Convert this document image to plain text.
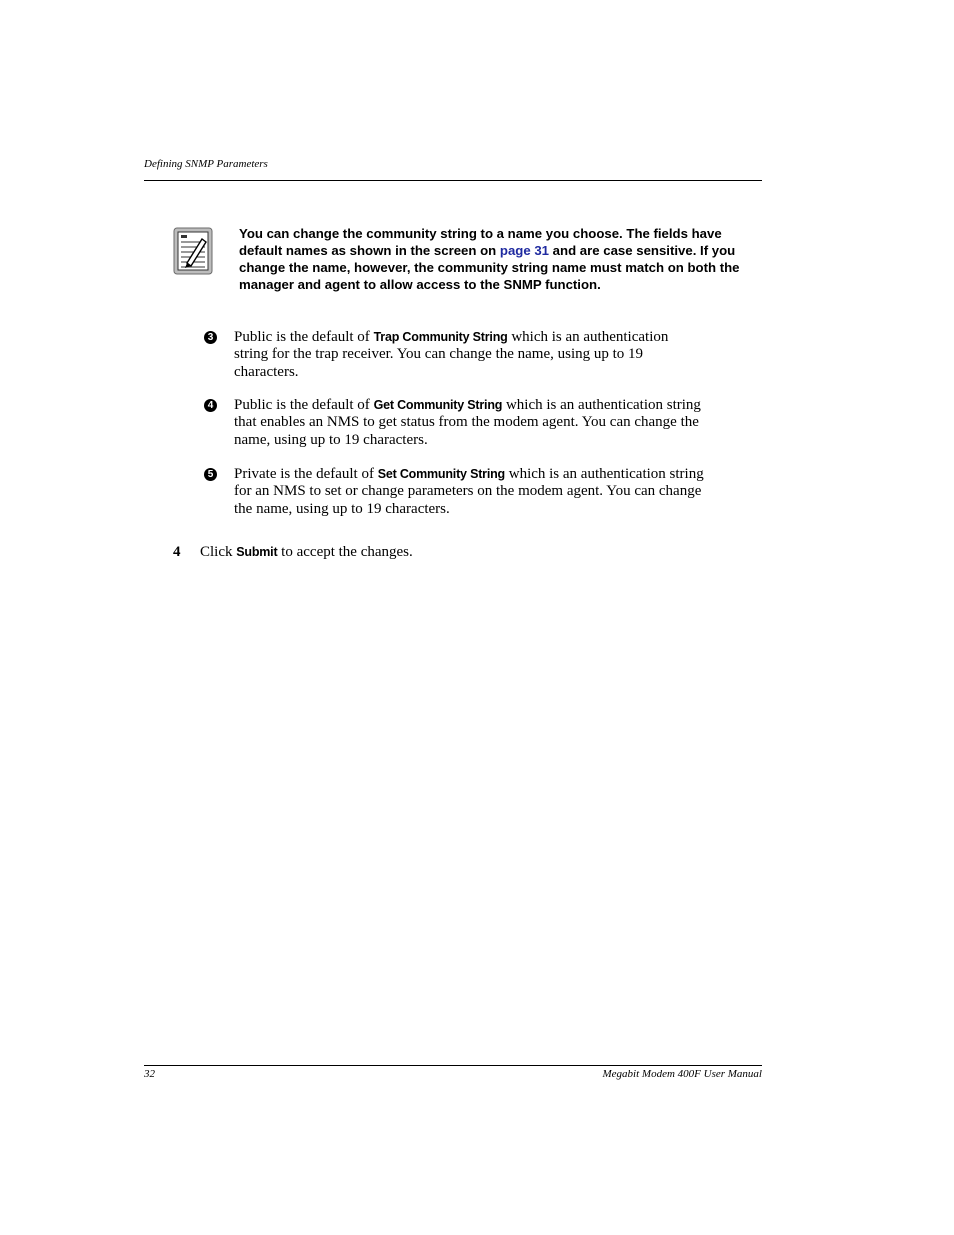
Defining SNMP Parameters
You can change the community string to a name you choose. The fields have default names as shown in the screen on page 31 and are case sensitive. If you change the name, however, the community string name must match on both the manager and agent to allow access to the SNMP function.
3 Public is the default of Trap Community String which is an authentication string for the trap receiver. You can change the name, using up to 19 characters.
4 Public is the default of Get Community String which is an authentication string that enables an NMS to get status from the modem agent. You can change the name, using up to 19 characters.
5 Private is the default of Set Community String which is an authentication string for an NMS to set or change parameters on the modem agent. You can change the name, using up to 19 characters.
4 Click Submit to accept the changes.
32	Megabit Modem 400F User Manual
